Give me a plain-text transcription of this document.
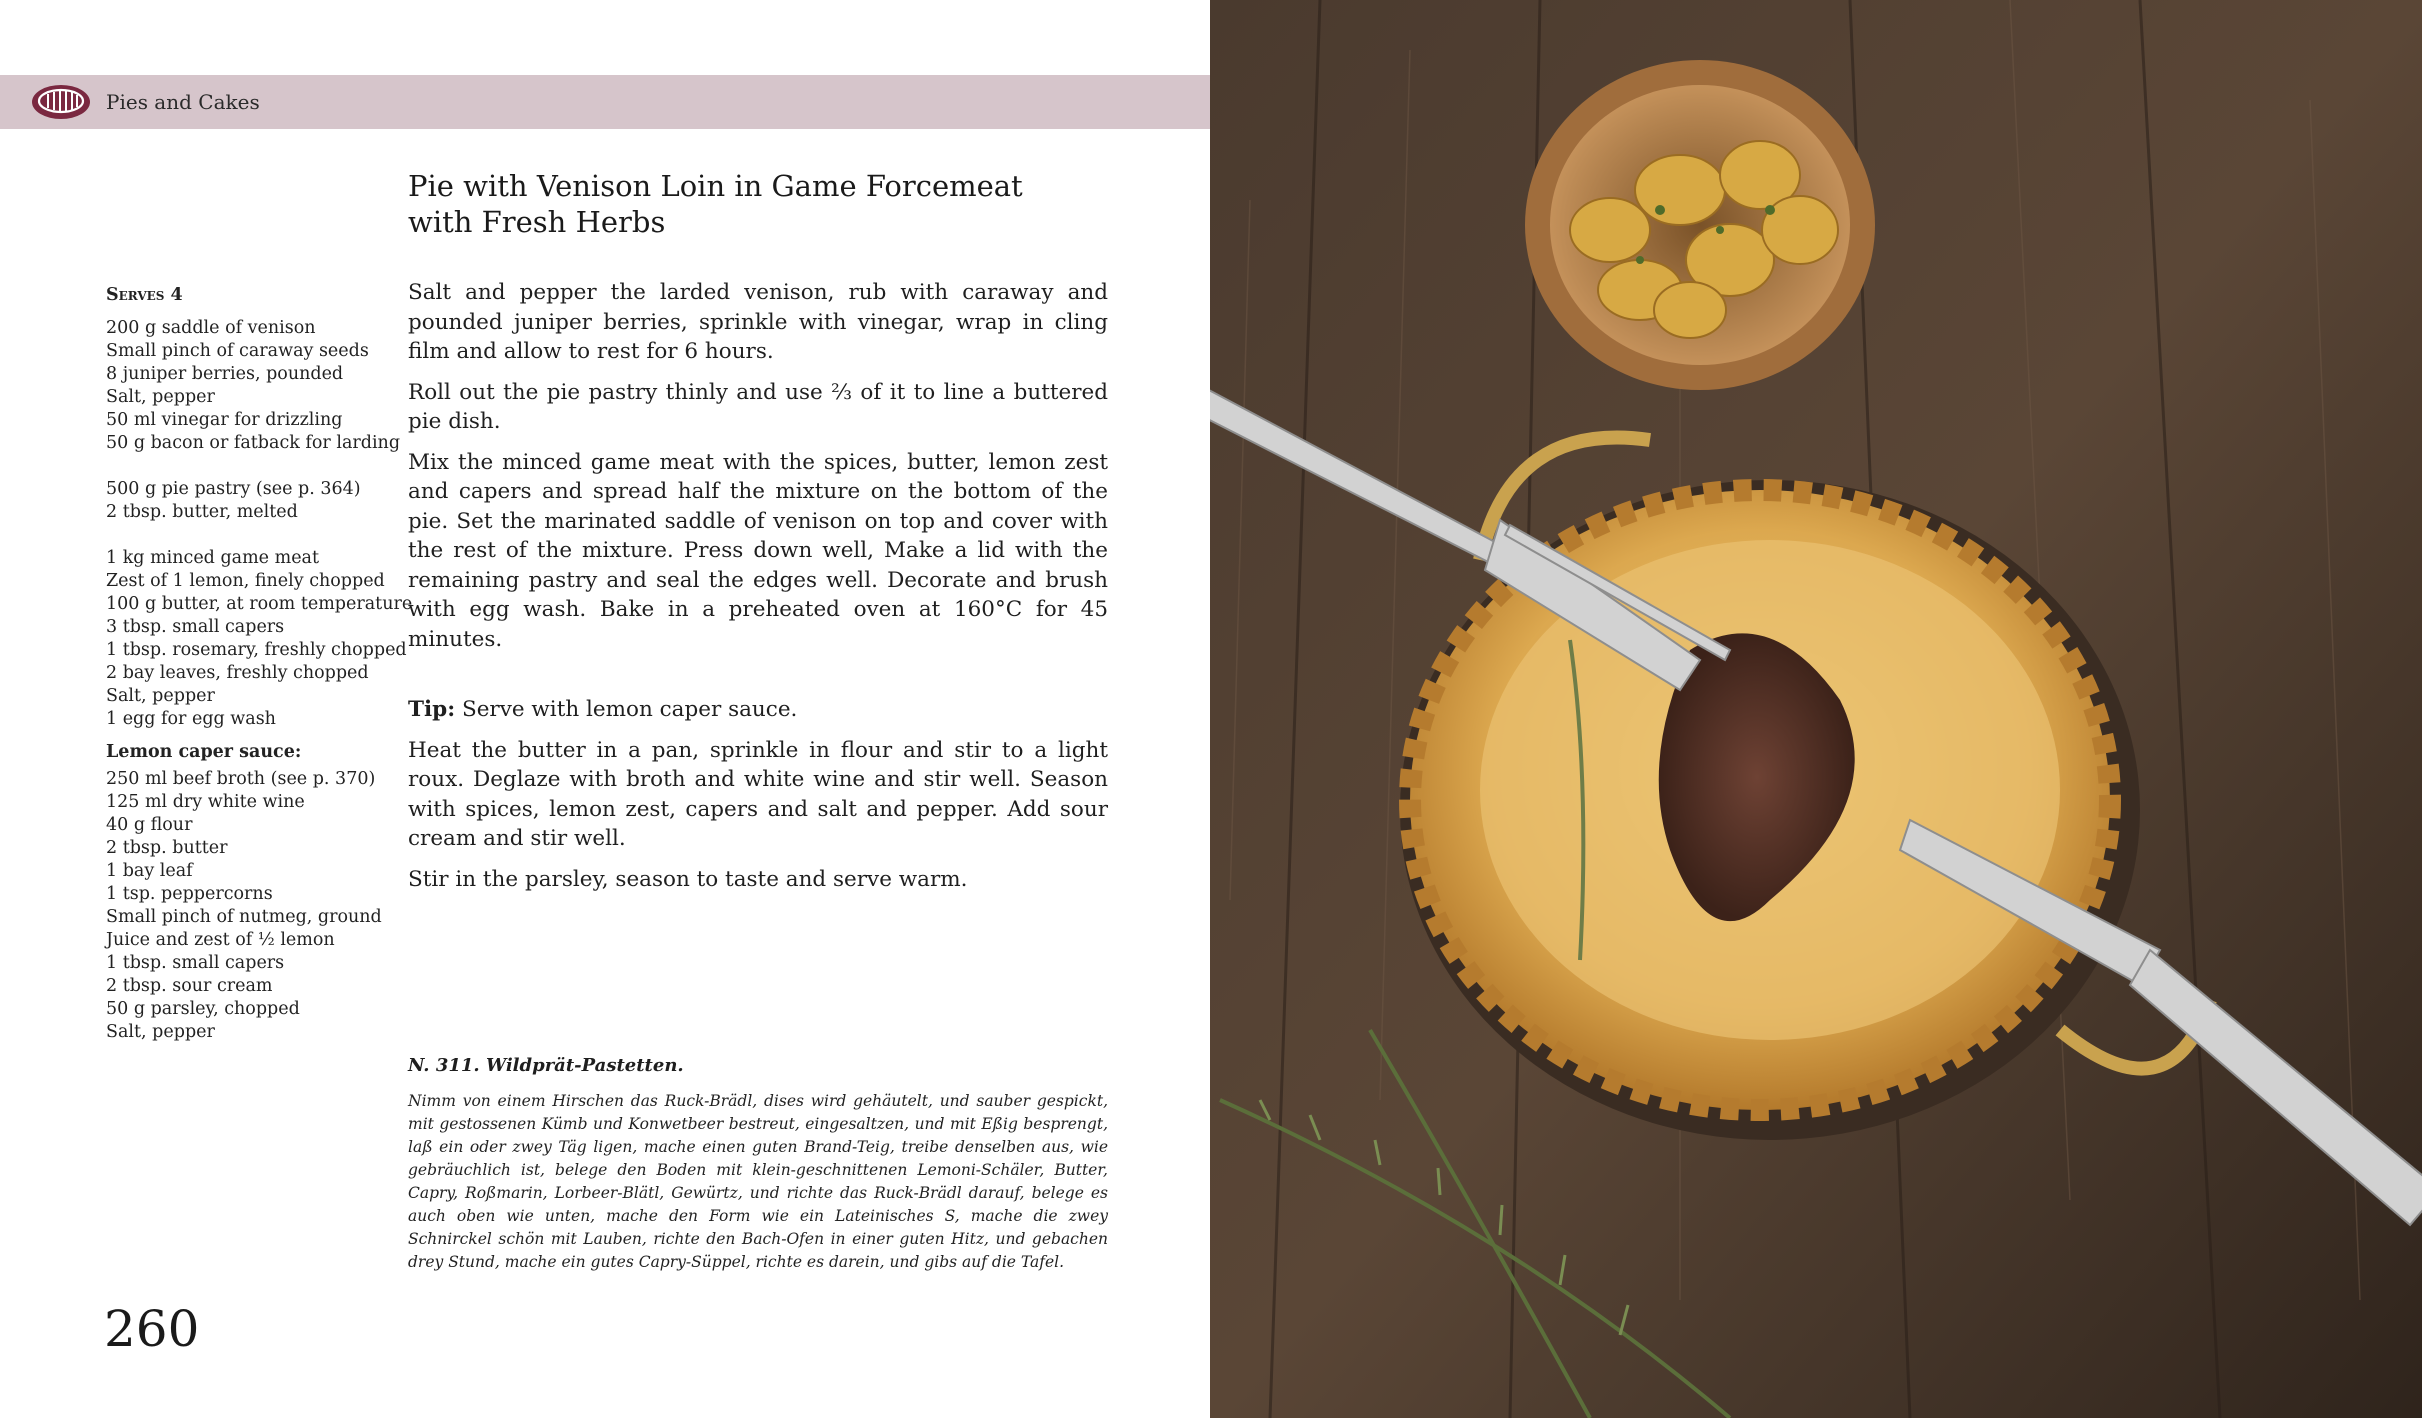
Pies and Cakes
Pie with Venison Loin in Game Forcemeat
with Fresh Herbs
Serves 4
200 g saddle of venison
Small pinch of caraway seeds
8 juniper berries, pounded
Salt, pepper
50 ml vinegar for drizzling
50 g bacon or fatback for larding
500 g pie pastry (see p. 364)
2 tbsp. butter, melted
1 kg minced game meat
Zest of 1 lemon, finely chopped
100 g butter, at room temperature
3 tbsp. small capers
1 tbsp. rosemary, freshly chopped
2 bay leaves, freshly chopped
Salt, pepper
1 egg for egg wash
Lemon caper sauce:
250 ml beef broth (see p. 370)
125 ml dry white wine
40 g flour
2 tbsp. butter
1 bay leaf
1 tsp. peppercorns
Small pinch of nutmeg, ground
Juice and zest of ½ lemon
1 tbsp. small capers
2 tbsp. sour cream
50 g parsley, chopped
Salt, pepper

Salt and pepper the larded venison, rub with caraway and pounded juniper berries, sprinkle with vinegar, wrap in cling film and allow to rest for 6 hours.

Roll out the pie pastry thinly and use ⅔ of it to line a buttered pie dish.

Mix the minced game meat with the spices, butter, lemon zest and capers and spread half the mixture on the bottom of the pie. Set the marinated saddle of venison on top and cover with the rest of the mixture. Press down well, Make a lid with the remaining pastry and seal the edges well. Decorate and brush with egg wash. Bake in a preheated oven at 160°C for 45 minutes.

Tip: Serve with lemon caper sauce.

Heat the butter in a pan, sprinkle in flour and stir to a light roux. Deglaze with broth and white wine and stir well. Season with spices, lemon zest, capers and salt and pepper. Add sour cream and stir well.

Stir in the parsley, season to taste and serve warm.

N. 311. Wildprät-Pastetten.
Nimm von einem Hirschen das Ruck-Brädl, dises wird gehäutelt, und sauber gespickt, mit gestossenen Kümb und Konwetbeer bestreut, eingesaltzen, und mit Eßig besprengt, laß ein oder zwey Täg ligen, mache einen guten Brand-Teig, treibe denselben aus, wie gebräuchlich ist, belege den Boden mit klein-geschnittenen Lemoni-Schäler, Butter, Capry, Roßmarin, Lorbeer-Blätl, Gewürtz, und richte das Ruck-Brädl darauf, belege es auch oben wie unten, mache den Form wie ein Lateinisches S, mache die zwey Schnirckel schön mit Lauben, richte den Bach-Ofen in einer guten Hitz, und gebachen drey Stund, mache ein gutes Capry-Süppel, richte es darein, und gibs auf die Tafel.
260
